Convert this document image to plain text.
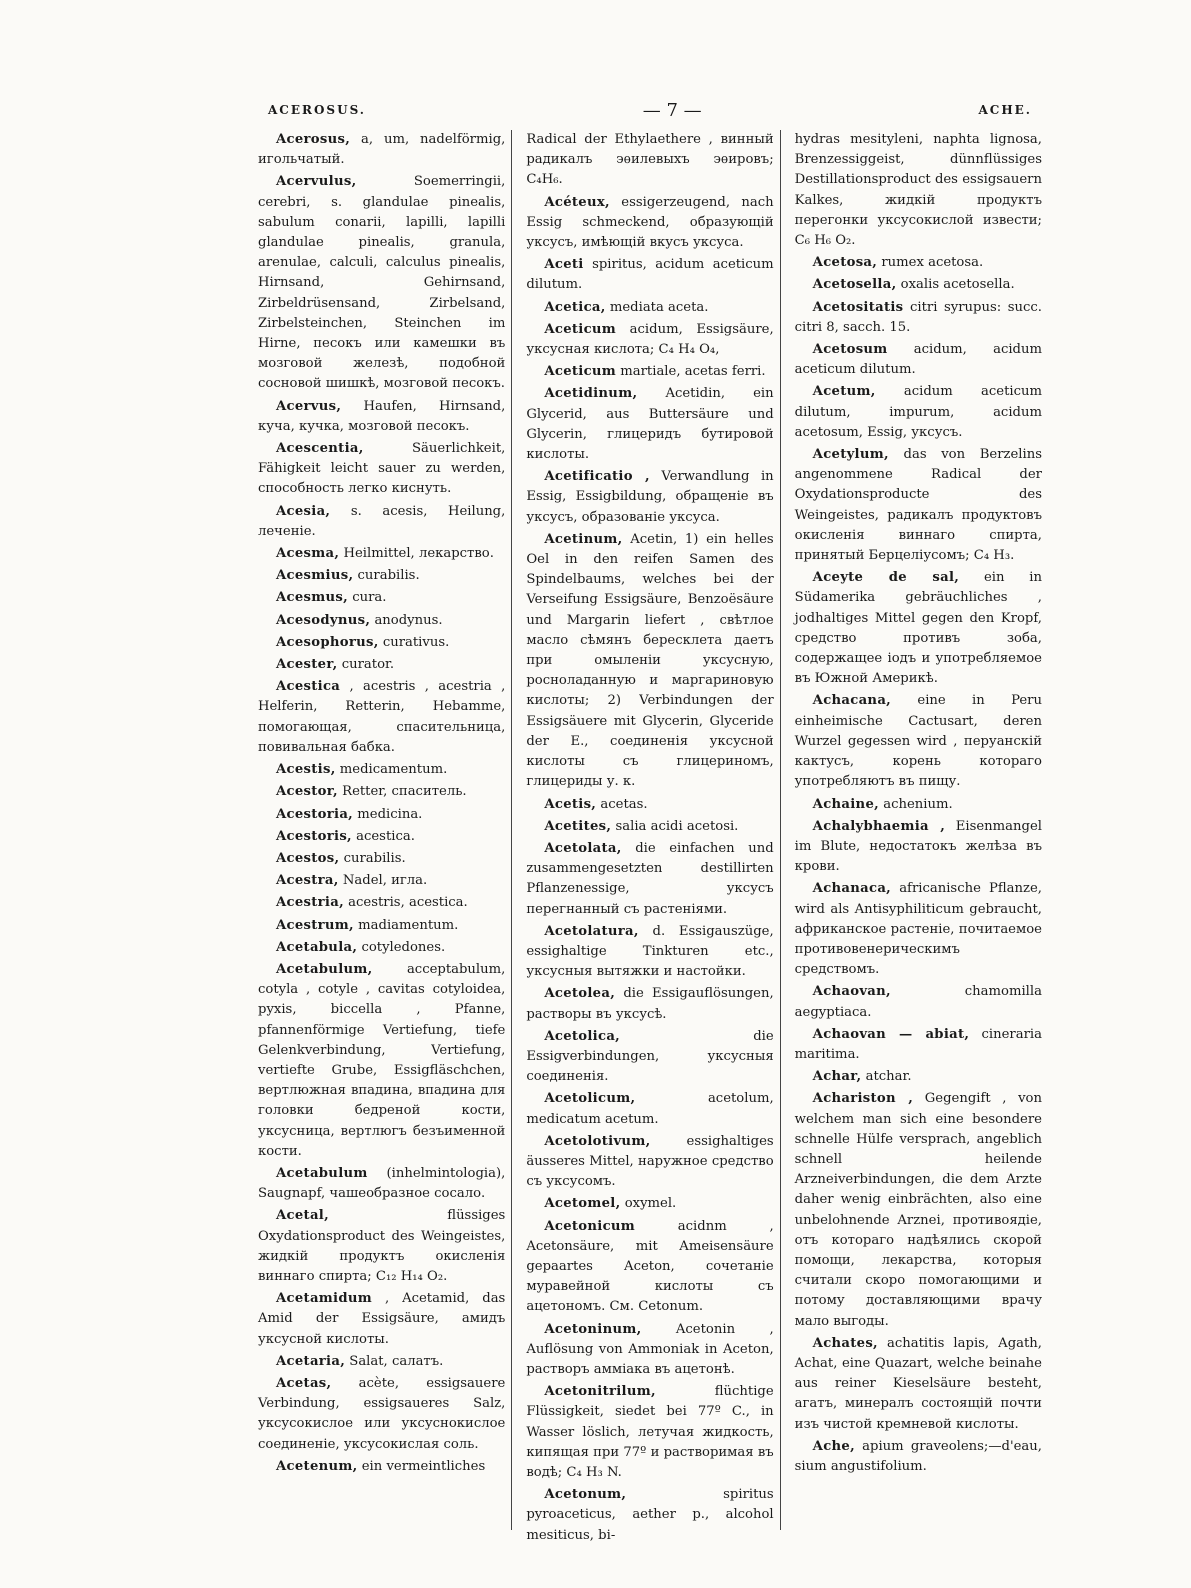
ACEROSUS.	— 7 —	ACHE.

Acerosus, a, um, nadelförmig, игольчатый.

Acervulus, Soemerringii, cerebri, s. glandulae pinealis, sabulum conarii, lapilli, lapilli glandulae pinealis, granula, arenulae, calculi, calculus pinealis, Hirnsand, Gehirnsand, Zirbeldrüsensand, Zirbelsand, Zirbelsteinchen, Steinchen im Hirne, песокъ или камешки въ мозговой железѣ, подобной сосновой шишкѣ, мозговой песокъ.

Acervus, Haufen, Hirnsand, куча, кучка, мозговой песокъ.

Acescentia, Säuerlichkeit, Fähigkeit leicht sauer zu werden, способность легко киснуть.

Acesia, s. acesis, Heilung, леченіе.

Acesma, Heilmittel, лекарство.

Acesmius, curabilis.

Acesmus, cura.

Acesodynus, anodynus.

Acesophorus, curativus.

Acester, curator.

Acestica , acestris , acestria , Helferin, Retterin, Hebamme, помогающая, спасительница, повивальная бабка.

Acestis, medicamentum.

Acestor, Retter, спаситель.

Acestoria, medicina.

Acestoris, acestica.

Acestos, curabilis.

Acestra, Nadel, игла.

Acestria, acestris, acestica.

Acestrum, madiamentum.

Acetabula, cotyledones.

Acetabulum, acceptabulum, cotyla , cotyle , cavitas cotyloidea, pyxis, biccella , Pfanne, pfannenförmige Vertiefung, tiefe Gelenkverbindung, Vertiefung, vertiefte Grube, Essigfläschchen, вертлюжная впадина, впадина для головки бедреной кости, уксусница, вертлюгъ безъименной кости.

Acetabulum (inhelmintologia), Saugnapf, чашеобразное сосало.

Acetal, flüssiges Oxydationsproduct des Weingeistes, жидкій продуктъ окисленія виннаго спирта; C₁₂ H₁₄ O₂.

Acetamidum , Acetamid, das Amid der Essigsäure, амидъ уксусной кислоты.

Acetaria, Salat, салатъ.

Acetas, acète, essigsauere Verbindung, essigsaueres Salz, уксусокислое или уксуснокислое соединеніе, уксусокислая соль.

Acetenum, ein vermeintliches

Radical der Ethylaethere , винный радикалъ эѳилевыхъ эѳировъ; C₄H₆.

Acéteux, essigerzeugend, nach Essig schmeckend, образующій уксусъ, имѣющій вкусъ уксуса.

Aceti spiritus, acidum aceticum dilutum.

Acetica, mediata aceta.

Aceticum acidum, Essigsäure, уксусная кислота; C₄ H₄ O₄,

Aceticum martiale, acetas ferri.

Acetidinum, Acetidin, ein Glycerid, aus Buttersäure und Glycerin, глицеридъ бутировой кислоты.

Acetificatio , Verwandlung in Essig, Essigbildung, обращеніе въ уксусъ, образованіе уксуса.

Acetinum, Acetin, 1) ein helles Oel in den reifen Samen des Spindelbaums, welches bei der Verseifung Essigsäure, Benzoësäure und Margarin liefert , свѣтлое масло сѣмянъ бересклета даетъ при омыленіи уксусную, росноладанную и маргариновую кислоты; 2) Verbindungen der Essigsäuere mit Glycerin, Glyceride der E., соединенія уксусной кислоты съ глицериномъ, глицериды у. к.

Acetis, acetas.

Acetites, salia acidi acetosi.

Acetolata, die einfachen und zusammengesetzten destillirten Pflanzenessige, уксусъ перегнанный съ растеніями.

Acetolatura, d. Essigauszüge, essighaltige Tinkturen etc., уксусныя вытяжки и настойки.

Acetolea, die Essigauflösungen, растворы въ уксусѣ.

Acetolica, die Essigverbindungen, уксусныя соединенія.

Acetolicum, acetolum, medicatum acetum.

Acetolotivum, essighaltiges äusseres Mittel, наружное средство съ уксусомъ.

Acetomel, oxymel.

Acetonicum acidnm , Acetonsäure, mit Ameisensäure gepaartes Aceton, сочетаніе муравейной кислоты съ ацетономъ. См. Cetonum.

Acetoninum, Acetonin , Auflösung von Ammoniak in Aceton, растворъ аммiака въ ацетонѣ.

Acetonitrilum, flüchtige Flüssigkeit, siedet bei 77º C., in Wasser löslich, летучая жидкость, кипящая при 77º и растворимая въ водѣ; C₄ H₃ N.

Acetonum, spiritus pyroaceticus, aether p., alcohol mesiticus, bi-

hydras mesityleni, naphta lignosa, Brenzessiggeist, dünnflüssiges Destillationsproduct des essigsauern Kalkes, жидкій продуктъ перегонки уксусокислой извести; C₆ H₆ O₂.

Acetosa, rumex acetosa.

Acetosella, oxalis acetosella.

Acetositatis citri syrupus: succ. citri 8, sacch. 15.

Acetosum acidum, acidum aceticum dilutum.

Acetum, acidum aceticum dilutum, impurum, acidum acetosum, Essig, уксусъ.

Acetylum, das von Berzelins angenommene Radical der Oxydationsproducte des Weingeistes, радикалъ продуктовъ окисленія виннаго спирта, принятый Берцеліусомъ; C₄ H₃.

Aceyte de sal, ein in Südamerika gebräuchliches , jodhaltiges Mittel gegen den Kropf, средство противъ зоба, содержащее іодъ и употребляемое въ Южной Америкѣ.

Achacana, eine in Peru einheimische Cactusart, deren Wurzel gegessen wird , перуанскій кактусъ, корень котораго употребляютъ въ пищу.

Achaine, achenium.

Achalybhaemia , Eisenmangel im Blute, недостатокъ желѣза въ крови.

Achanaca, africanische Pflanze, wird als Antisyphiliticum gebraucht, африканское растеніе, почитаемое противовенерическимъ средствомъ.

Achaovan, chamomilla aegyptiaca.

Achaovan — abiat, cineraria maritima.

Achar, atchar.

Achariston , Gegengift , von welchem man sich eine besondere schnelle Hülfe versprach, angeblich schnell heilende Arzneiverbindungen, die dem Arzte daher wenig einbrächten, also eine unbelohnende Arznei, противоядіе, отъ котораго надѣялись скорой помощи, лекарства, которыя считали скоро помогающими и потому доставляющими врачу мало выгоды.

Achates, achatitis lapis, Agath, Achat, eine Quazart, welche beinahe aus reiner Kieselsäure besteht, агатъ, минералъ состоящій почти изъ чистой кремневой кислоты.

Ache, apium graveolens;—d'eau, sium angustifolium.
